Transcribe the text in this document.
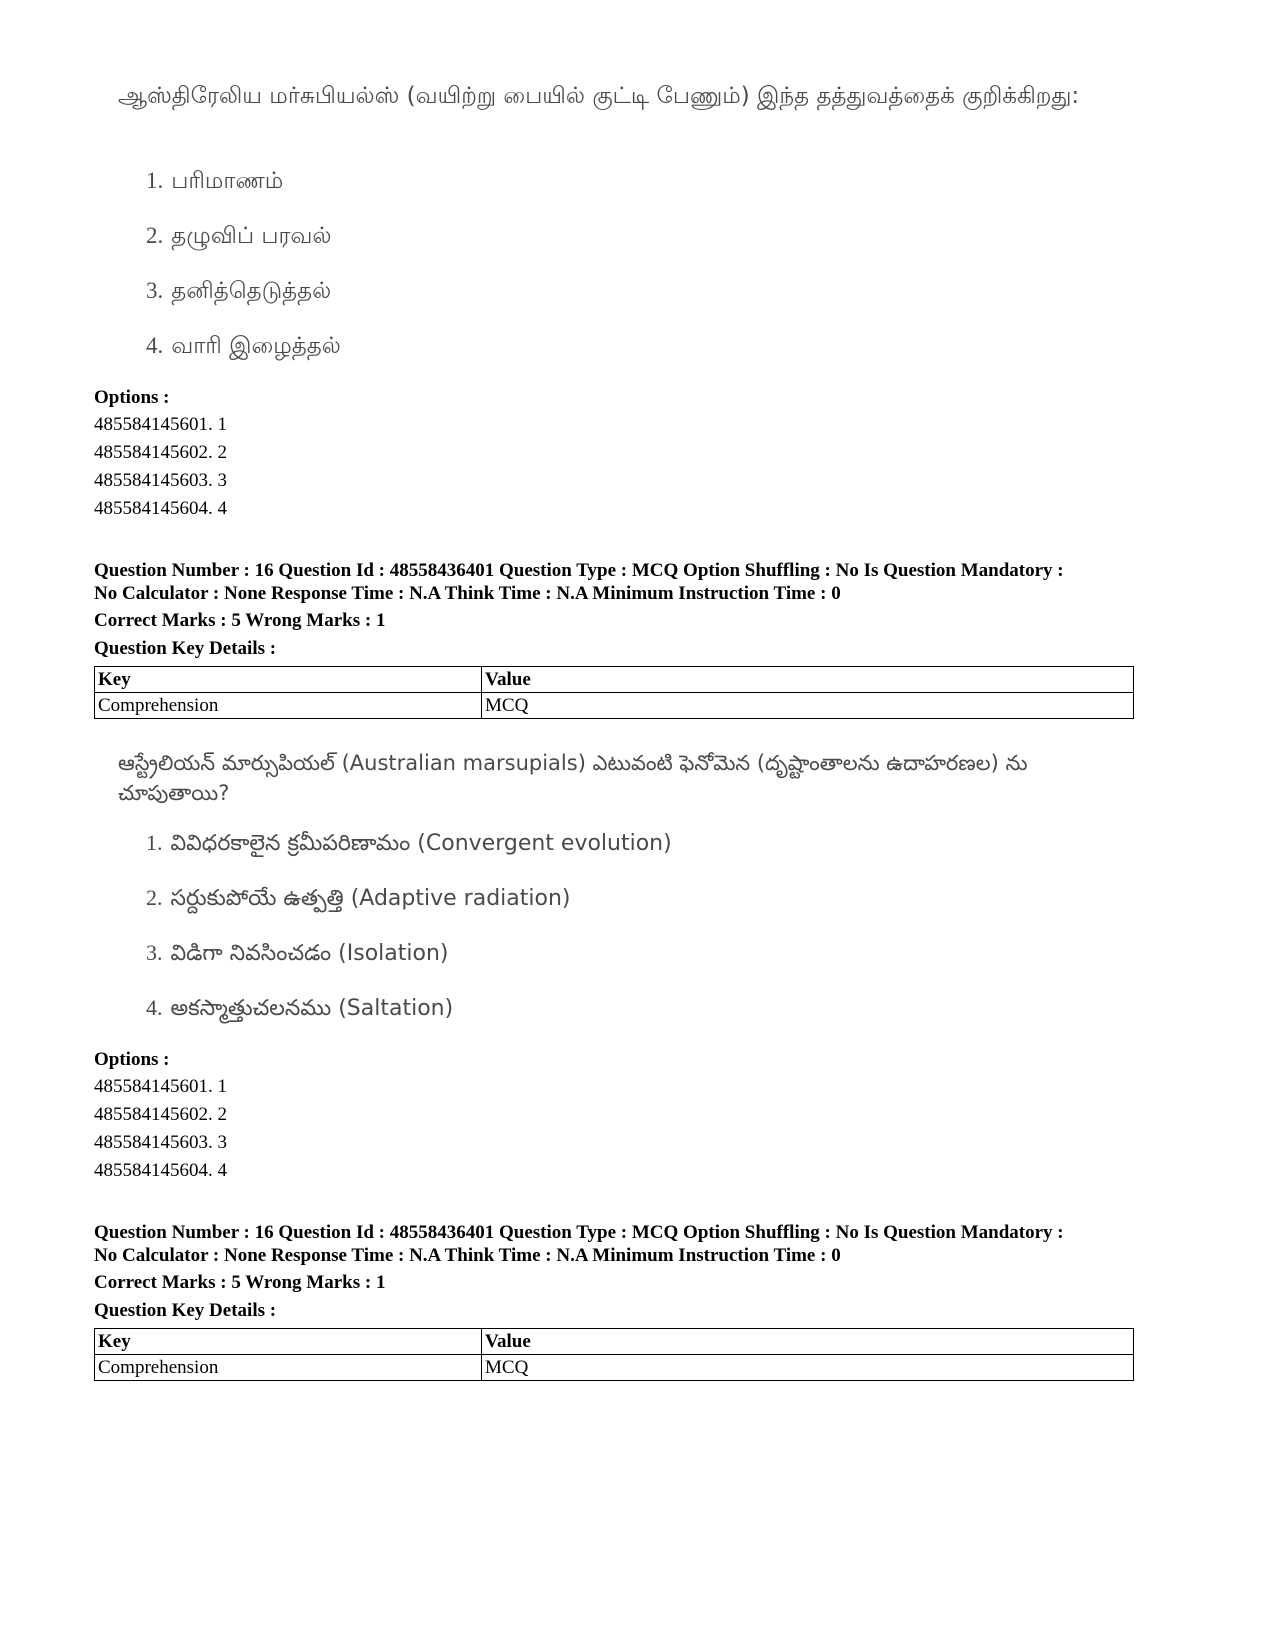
ஆஸ்திரேலிய மர்சுபியல்ஸ் (வயிற்று பையில் குட்டி பேணும்) இந்த தத்துவத்தைக் குறிக்கிறது:

1. பரிமாணம்
2. தழுவிப் பரவல்
3. தனித்தெடுத்தல்
4. வாரி இழைத்தல்
Options :
485584145601. 1
485584145602. 2
485584145603. 3
485584145604. 4
Question Number : 16 Question Id : 48558436401 Question Type : MCQ Option Shuffling : No Is Question Mandatory :
No Calculator : None Response Time : N.A Think Time : N.A Minimum Instruction Time : 0
Correct Marks : 5 Wrong Marks : 1
Question Key Details :
Key	Value
Comprehension	MCQ

ఆస్ట్రేలియన్ మార్సుపియల్ (Australian marsupials) ఎటువంటి ఫెనోమెన (దృష్టాంతాలను ఉదాహరణల) ను చూపుతాయి?

1. వివిధరకాలైన క్రమీపరిణామం (Convergent evolution)
2. సర్దుకుపోయే ఉత్పత్తి (Adaptive radiation)
3. విడిగా నివసించడం (Isolation)
4. అకస్మాత్తుచలనము (Saltation)
Options :
485584145601. 1
485584145602. 2
485584145603. 3
485584145604. 4
Question Number : 16 Question Id : 48558436401 Question Type : MCQ Option Shuffling : No Is Question Mandatory :
No Calculator : None Response Time : N.A Think Time : N.A Minimum Instruction Time : 0
Correct Marks : 5 Wrong Marks : 1
Question Key Details :
Key	Value
Comprehension	MCQ
